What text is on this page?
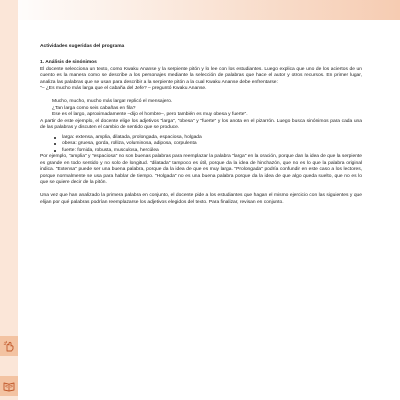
Actividades sugeridas del programa

1. Análisis de sinónimos

El docente selecciona un texto, como Kwaku Ananse y la serpiente pitón y lo lee con los estudiantes. Luego explica que uno de los aciertos de un cuento es la manera como se describe a los personajes mediante la selección de palabras que hace el autor y otros recursos. En primer lugar, analiza las palabras que se usan para describir a la serpiente pitón a la cual Kwaku Ananse debe enfrentarse:

"– ¿Es mucho más larga que el cabaña del Jefe? – preguntó Kwaku Ananse.

Mucho, mucho, mucho más larga! replicó el mensajero.

¿Tan larga como seis cabañas en fila?

Ese es el largo, aproximadamente –dijo el hombre–, pero también es muy obesa y fuerte".

A partir de este ejemplo, el docente elige los adjetivos "larga", "obesa" y "fuerte" y los anota en el pizarrón. Luego busca sinónimos para cada una de las palabras y discuten el cambio de sentido que se produce.

larga: extensa, amplia, dilatada, prolongada, espaciosa, holgada
obesa: gruesa, gorda, rolliza, voluminosa, adiposa, corpulenta
fuerte: fornida, robusta, musculosa, hercúlea

Por ejemplo, "amplia" y "espaciosa" no son buenas palabras para reemplazar la palabra "larga" en la oración, porque dan la idea de que la serpiente es grande en todo sentido y no solo de longitud. "dilatada" tampoco es útil, porque da la idea de hinchazón, que no es lo que la palabra original indica. "Extensa" puede ser una buena palabra, porque da la idea de que es muy larga. "Prolongada" podría confundir en este caso a los lectores, porque normalmente se usa para hablar de tiempo. "Holgada" no es una buena palabra porque da la idea de que algo queda suelto, que no es lo que se quiere decir de la pitón.

Una vez que han analizado la primera palabra en conjunto, el docente pide a los estudiantes que hagan el mismo ejercicio con las siguientes y que elijan por qué palabras podrían reemplazarse los adjetivos elegidos del texto. Para finalizar, revisan en conjunto.
